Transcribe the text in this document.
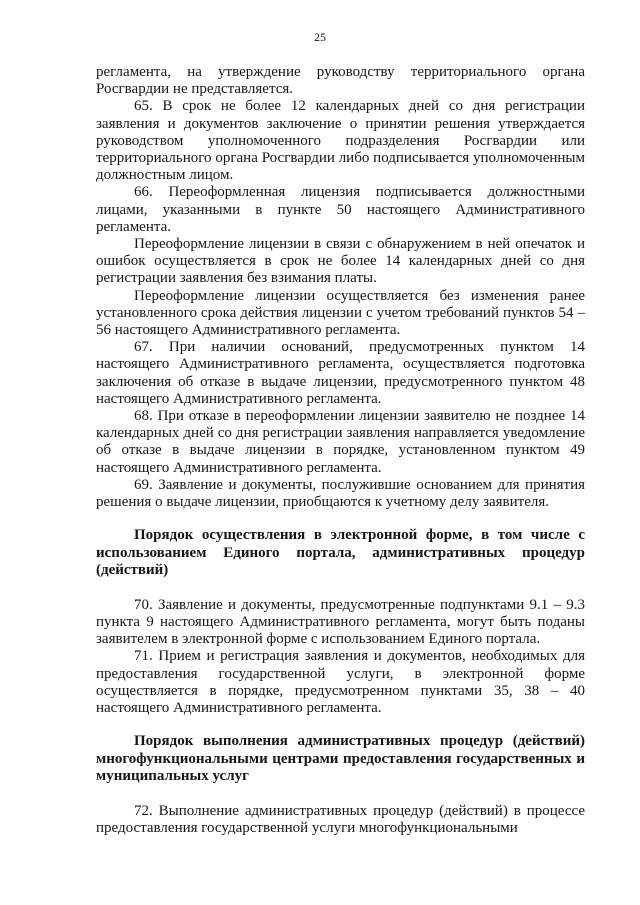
25

регламента, на утверждение руководству территориального органа Росгвардии не представляется.

65. В срок не более 12 календарных дней со дня регистрации заявления и документов заключение о принятии решения утверждается руководством уполномоченного подразделения Росгвардии или территориального органа Росгвардии либо подписывается уполномоченным должностным лицом.

66. Переоформленная лицензия подписывается должностными лицами, указанными в пункте 50 настоящего Административного регламента.

Переоформление лицензии в связи с обнаружением в ней опечаток и ошибок осуществляется в срок не более 14 календарных дней со дня регистрации заявления без взимания платы.

Переоформление лицензии осуществляется без изменения ранее установленного срока действия лицензии с учетом требований пунктов 54 – 56 настоящего Административного регламента.

67. При наличии оснований, предусмотренных пунктом 14 настоящего Административного регламента, осуществляется подготовка заключения об отказе в выдаче лицензии, предусмотренного пунктом 48 настоящего Административного регламента.

68. При отказе в переоформлении лицензии заявителю не позднее 14 календарных дней со дня регистрации заявления направляется уведомление об отказе в выдаче лицензии в порядке, установленном пунктом 49 настоящего Административного регламента.

69. Заявление и документы, послужившие основанием для принятия решения о выдаче лицензии, приобщаются к учетному делу заявителя.

Порядок осуществления в электронной форме, в том числе с использованием Единого портала, административных процедур (действий)

70. Заявление и документы, предусмотренные подпунктами 9.1 – 9.3 пункта 9 настоящего Административного регламента, могут быть поданы заявителем в электронной форме с использованием Единого портала.

71. Прием и регистрация заявления и документов, необходимых для предоставления государственной услуги, в электронной форме осуществляется в порядке, предусмотренном пунктами 35, 38 – 40 настоящего Административного регламента.

Порядок выполнения административных процедур (действий) многофункциональными центрами предоставления государственных и муниципальных услуг

72. Выполнение административных процедур (действий) в процессе предоставления государственной услуги многофункциональными
